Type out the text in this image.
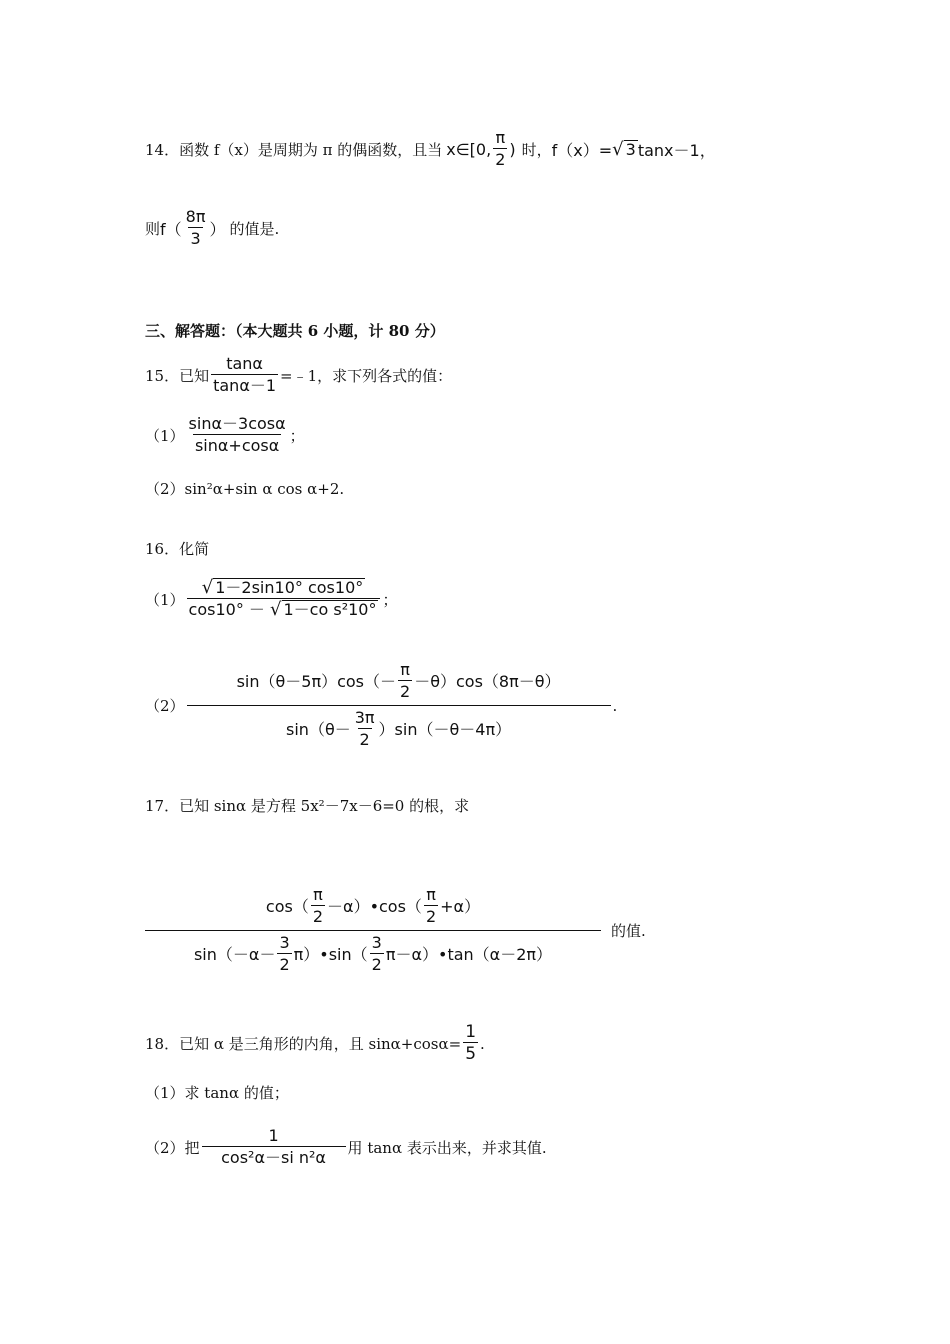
14．函数 f（x）是周期为 π 的偶函数，且当 x∈[0, $\frac{\pi}{2}$ ) 时， f（x）= √ 3 tanx－1，
则 $f( \frac{8\pi}{3}$ ） 的值是.
三、解答题：（本大题共 6 小题，计 80 分）
15．已知 $\frac{\tan\alpha}{\tan\alpha-1}$ =﹣1，求下列各式的值：
$(1) \frac{\sin\alpha-3\cos\alpha}{\sin\alpha+\cos\alpha}$ ；
（2）sin²α+sin α cos α+2.
16．化简
$(1) \frac{√ 1-2\sin 10^\circ \cos 10^\circ}{\text{cos10° － √ 1－co s²10°}}$ ；
（2）
$\sin(\theta-5\pi)\cos(- \frac{\pi}{2} -\theta)\cos(8\pi-\theta)$
$\sin(\theta- \frac{3\pi}{2} )\sin(-\theta-4\pi)$
.
17．已知 sinα 是方程 5x²－7x－6=0 的根，求
$\cos( \frac{\pi}{2}$ －α）•cos（ $\frac{\pi}{2} +\alpha$）
$\sin(-\alpha- \frac{3}{2}$ π）•sin（ $\frac{3}{2}$ π－α）•tan（α－2π）
的值.
18．已知 α 是三角形的内角，且 $\sin\alpha+\cos\alpha= \frac{1}{5}$ .
（1）求 tanα 的值；
（2）把 $\frac{1}{\text{cos²α－si n²α}}$ 用 tanα 表示出来，并求其值.
